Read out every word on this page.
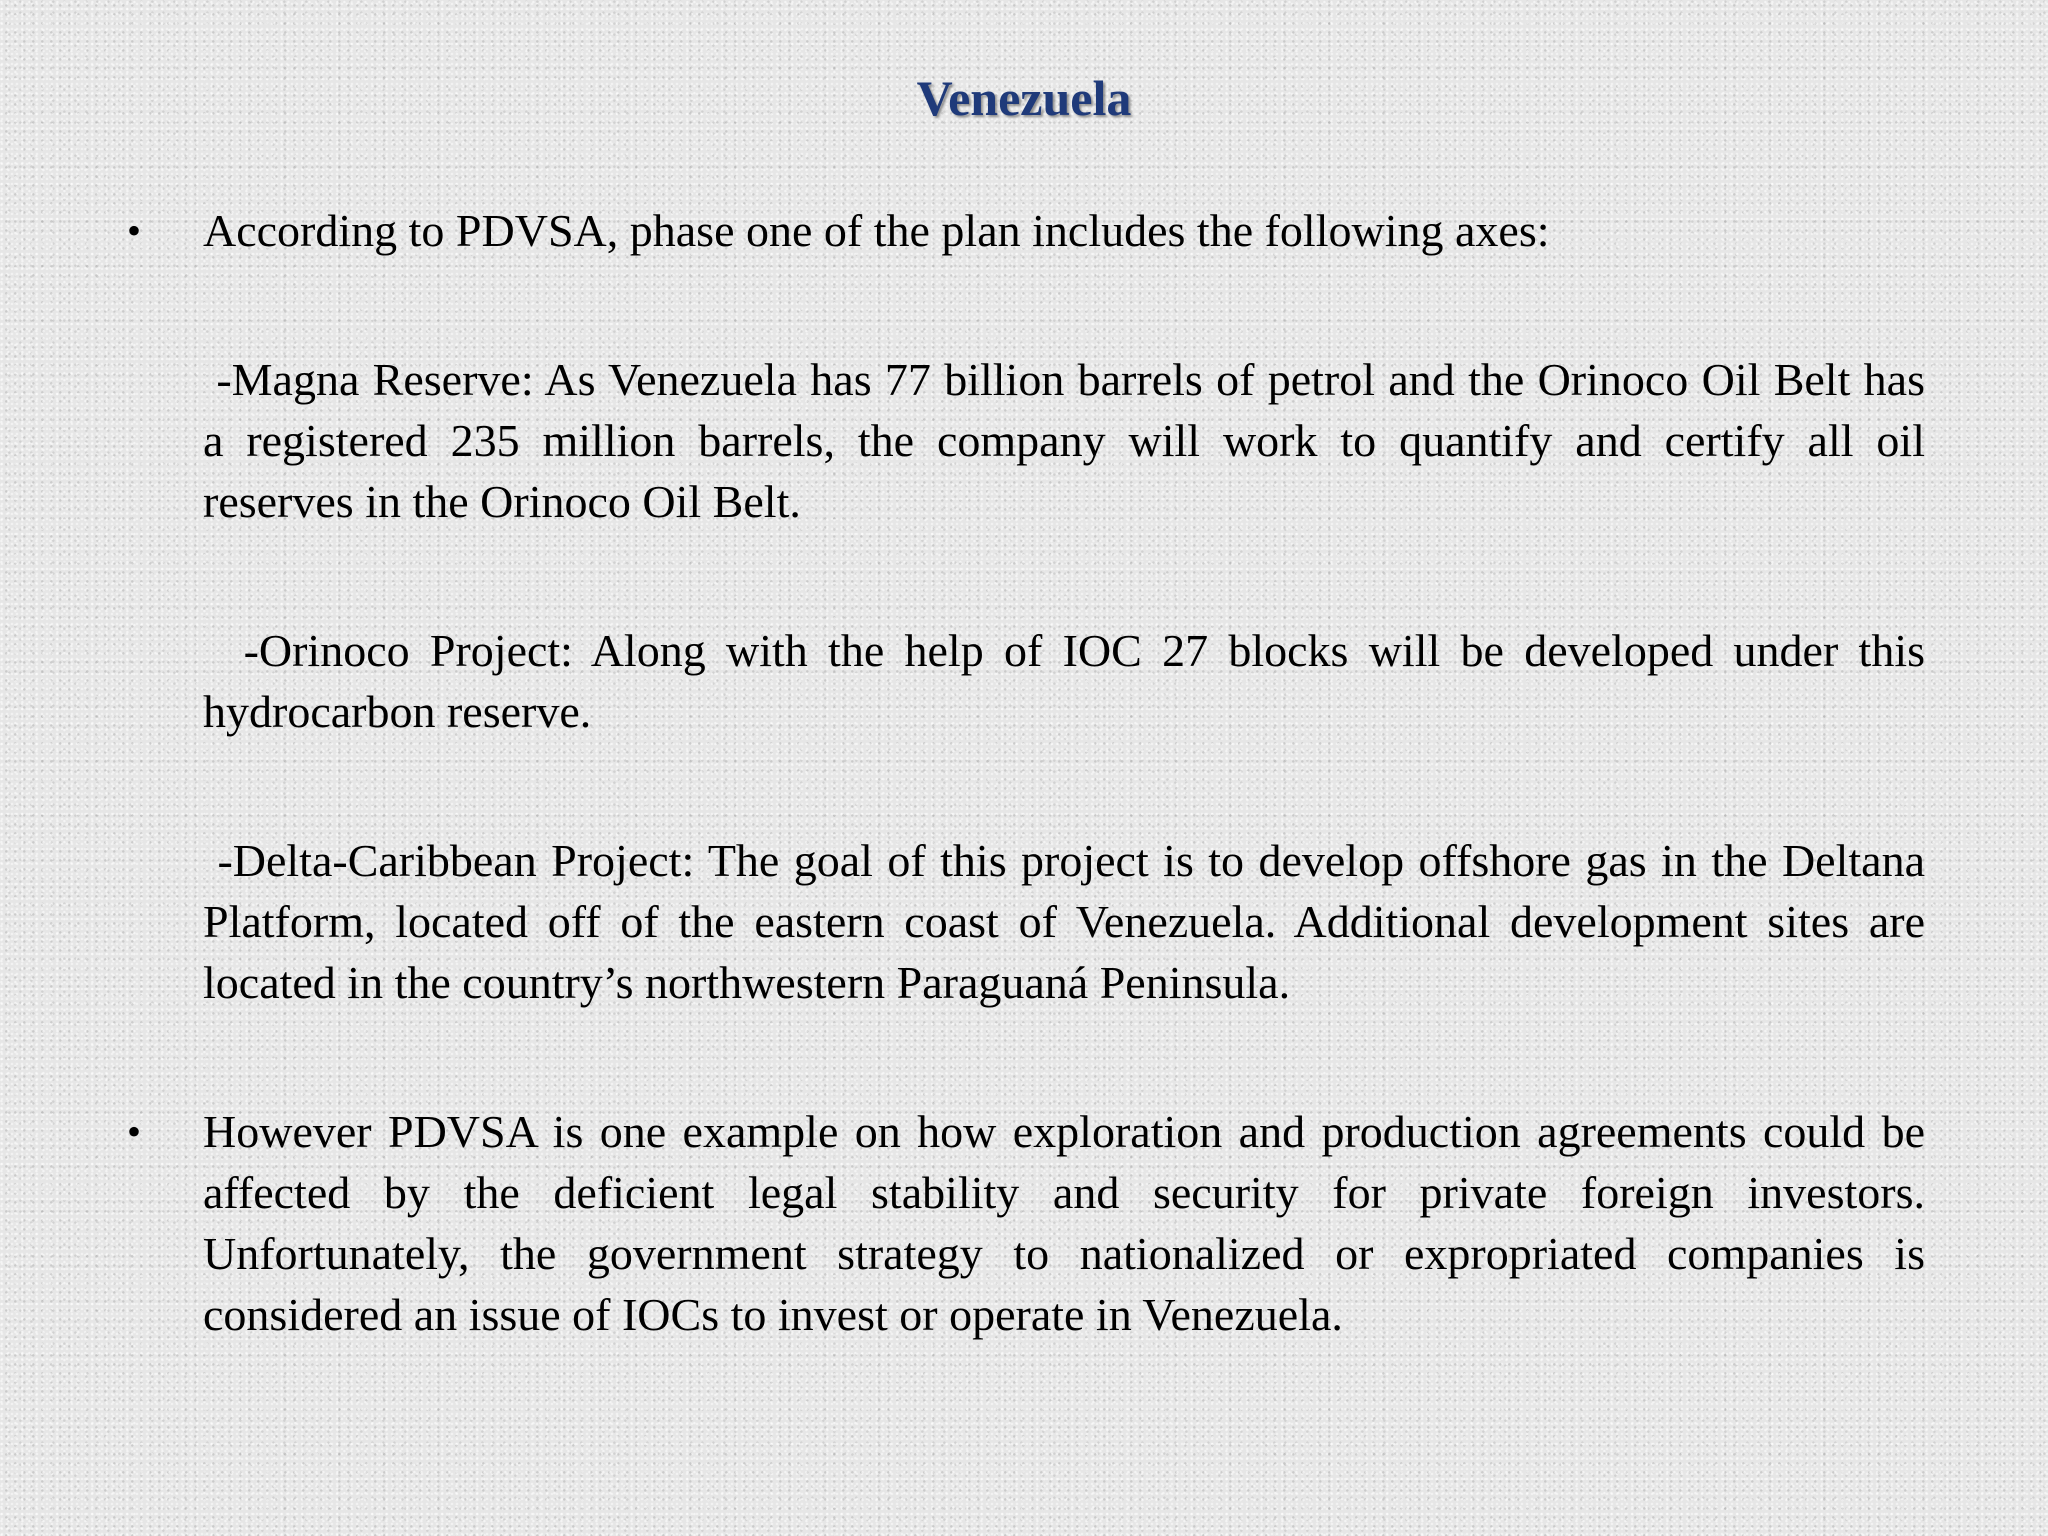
Venezuela

• According to PDVSA, phase one of the plan includes the following axes:

-Magna Reserve: As Venezuela has 77 billion barrels of petrol and the Orinoco Oil Belt has a registered 235 million barrels, the company will work to quantify and certify all oil reserves in the Orinoco Oil Belt.

-Orinoco Project: Along with the help of IOC 27 blocks will be developed under this hydrocarbon reserve.

-Delta-Caribbean Project: The goal of this project is to develop offshore gas in the Deltana Platform, located off of the eastern coast of Venezuela. Additional development sites are located in the country’s northwestern Paraguaná Peninsula.

• However PDVSA is one example on how exploration and production agreements could be affected by the deficient legal stability and security for private foreign investors. Unfortunately, the government strategy to nationalized or expropriated companies is considered an issue of IOCs to invest or operate in Venezuela.
